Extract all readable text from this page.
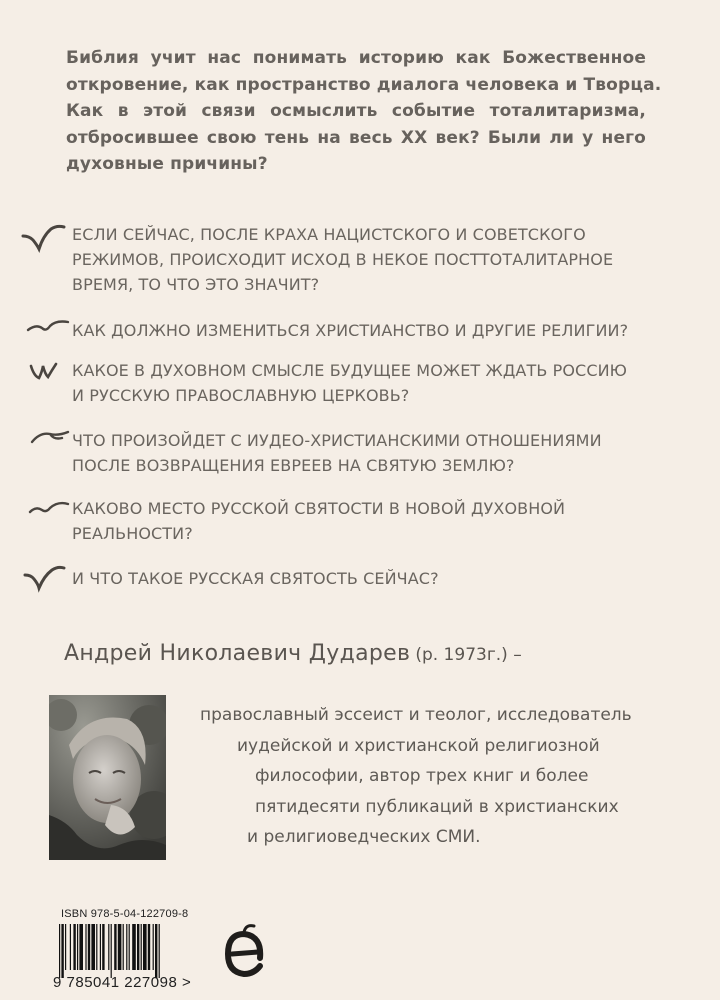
Библия учит нас понимать историю как Божественное
откровение, как пространство диалога человека и Творца.
Как в этой связи осмыслить событие тоталитаризма,
отбросившее свою тень на весь XX век? Были ли у него
духовные причины?
ЕСЛИ СЕЙЧАС, ПОСЛЕ КРАХА НАЦИСТСКОГО И СОВЕТСКОГО
РЕЖИМОВ, ПРОИСХОДИТ ИСХОД В НЕКОЕ ПОСТТОТАЛИТАРНОЕ
ВРЕМЯ, ТО ЧТО ЭТО ЗНАЧИТ?
КАК ДОЛЖНО ИЗМЕНИТЬСЯ ХРИСТИАНСТВО И ДРУГИЕ РЕЛИГИИ?
КАКОЕ В ДУХОВНОМ СМЫСЛЕ БУДУЩЕЕ МОЖЕТ ЖДАТЬ РОССИЮ
И РУССКУЮ ПРАВОСЛАВНУЮ ЦЕРКОВЬ?
ЧТО ПРОИЗОЙДЕТ С ИУДЕО-ХРИСТИАНСКИМИ ОТНОШЕНИЯМИ
ПОСЛЕ ВОЗВРАЩЕНИЯ ЕВРЕЕВ НА СВЯТУЮ ЗЕМЛЮ?
КАКОВО МЕСТО РУССКОЙ СВЯТОСТИ В НОВОЙ ДУХОВНОЙ
РЕАЛЬНОСТИ?
И ЧТО ТАКОЕ РУССКАЯ СВЯТОСТЬ СЕЙЧАС?
Андрей Николаевич Дударев (р. 1973г.) –
православный эссеист и теолог, исследователь
иудейской и христианской религиозной
философии, автор трех книг и более
пятидесяти публикаций в христианских
и религиоведческих СМИ.
ISBN 978-5-04-122709-8
9 785041 227098 >
